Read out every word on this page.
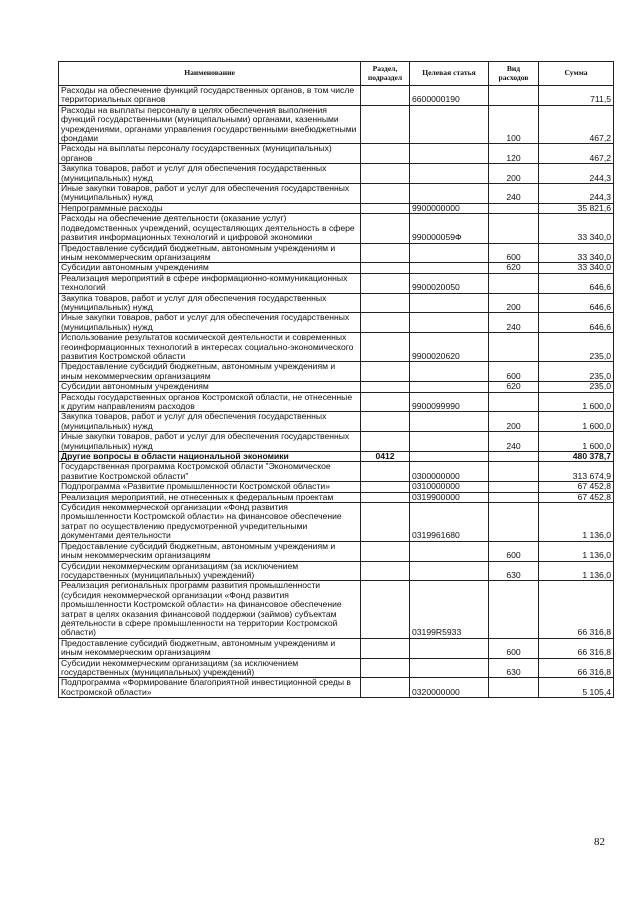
Наименование	Раздел, подраздел	Целевая статья	Вид расходов	Сумма
Расходы на обеспечение функций государственных органов, в том числе территориальных органов		6600000190		711,5
Расходы на выплаты персоналу в целях обеспечения выполнения функций государственными (муниципальными) органами, казенными учреждениями, органами управления государственными внебюджетными фондами			100	467,2
Расходы на выплаты персоналу государственных (муниципальных) органов			120	467,2
Закупка товаров, работ и услуг для обеспечения государственных (муниципальных) нужд			200	244,3
Иные закупки товаров, работ и услуг для обеспечения государственных (муниципальных) нужд			240	244,3
Непрограммные расходы		9900000000		35 821,6
Расходы на обеспечение деятельности (оказание услуг) подведомственных учреждений, осуществляющих деятельность в сфере развития информационных технологий и цифровой экономики		990000059Ф		33 340,0
Предоставление субсидий бюджетным, автономным учреждениям и иным некоммерческим организациям			600	33 340,0
Субсидии автономным учреждениям			620	33 340,0
Реализация мероприятий в сфере информационно-коммуникационных технологий		9900020050		646,6
Закупка товаров, работ и услуг для обеспечения государственных (муниципальных) нужд			200	646,6
Иные закупки товаров, работ и услуг для обеспечения государственных (муниципальных) нужд			240	646,6
Использование результатов космической деятельности и современных геоинформационных технологий в интересах социально-экономического развития Костромской области		9900020620		235,0
Предоставление субсидий бюджетным, автономным учреждениям и иным некоммерческим организациям			600	235,0
Субсидии автономным учреждениям			620	235,0
Расходы государственных органов Костромской области, не отнесенные к другим направлениям расходов		9900099990		1 600,0
Закупка товаров, работ и услуг для обеспечения государственных (муниципальных) нужд			200	1 600,0
Иные закупки товаров, работ и услуг для обеспечения государственных (муниципальных) нужд			240	1 600,0
Другие вопросы в области национальной экономики	0412			480 378,7
Государственная программа Костромской области "Экономическое развитие Костромской области"		0300000000		313 674,9
Подпрограмма «Развитие промышленности Костромской области»		0310000000		67 452,8
Реализация мероприятий, не отнесенных к федеральным проектам		0319900000		67 452,8
Субсидия некоммерческой организации «Фонд развития промышленности Костромской области» на финансовое обеспечение затрат по осуществлению предусмотренной учредительными документами деятельности		0319961680		1 136,0
Предоставление субсидий бюджетным, автономным учреждениям и иным некоммерческим организациям			600	1 136,0
Субсидии некоммерческим организациям (за исключением государственных (муниципальных) учреждений)			630	1 136,0
Реализация региональных программ развития промышленности (субсидия некоммерческой организации «Фонд развития промышленности Костромской области» на финансовое обеспечение затрат в целях оказания финансовой поддержки (займов) субъектам деятельности в сфере промышленности на территории Костромской области)		03199R5933		66 316,8
Предоставление субсидий бюджетным, автономным учреждениям и иным некоммерческим организациям			600	66 316,8
Субсидии некоммерческим организациям (за исключением государственных (муниципальных) учреждений)			630	66 316,8
Подпрограмма «Формирование благоприятной инвестиционной среды в Костромской области»		0320000000		5 105,4
82
